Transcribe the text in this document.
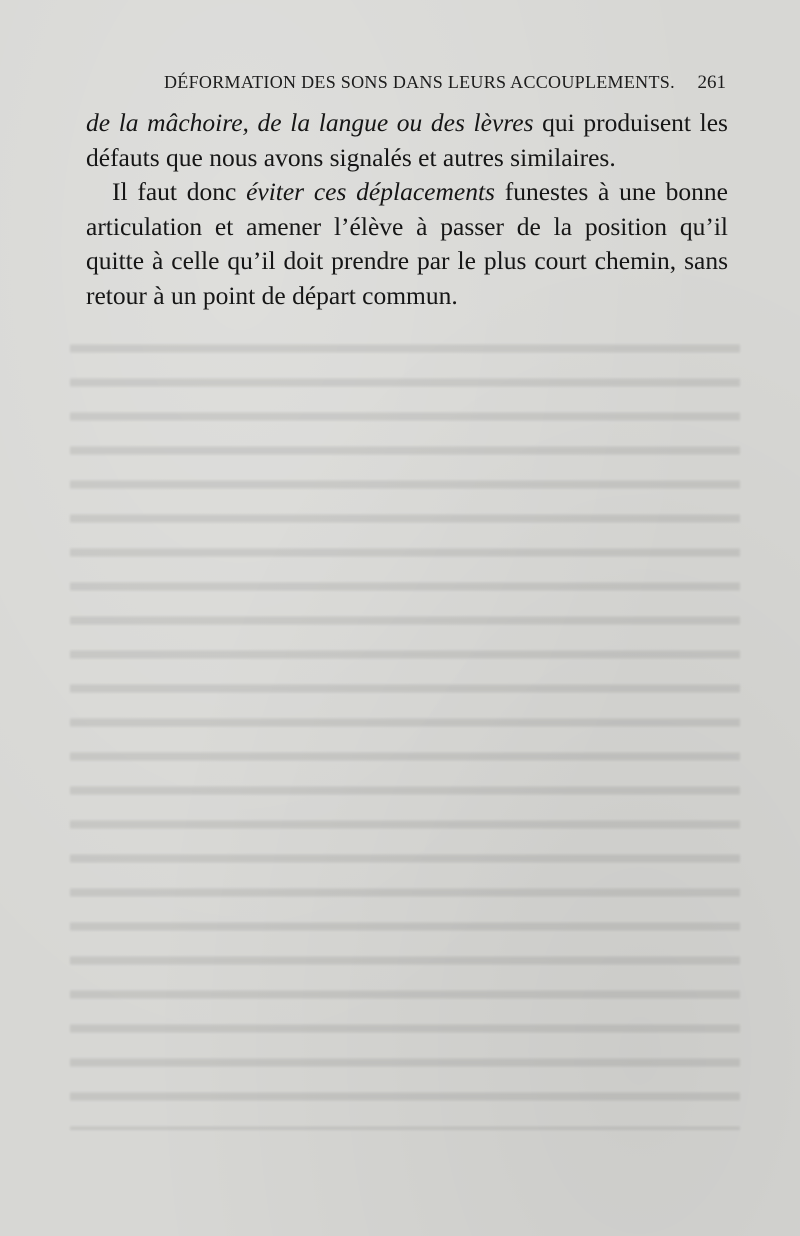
DÉFORMATION DES SONS DANS LEURS ACCOUPLEMENTS. 261

de la mâchoire, de la langue ou des lèvres qui produisent les défauts que nous avons signalés et autres similaires.

Il faut donc éviter ces déplacements funestes à une bonne articulation et amener l’élève à passer de la position qu’il quitte à celle qu’il doit prendre par le plus court chemin, sans retour à un point de départ commun.
